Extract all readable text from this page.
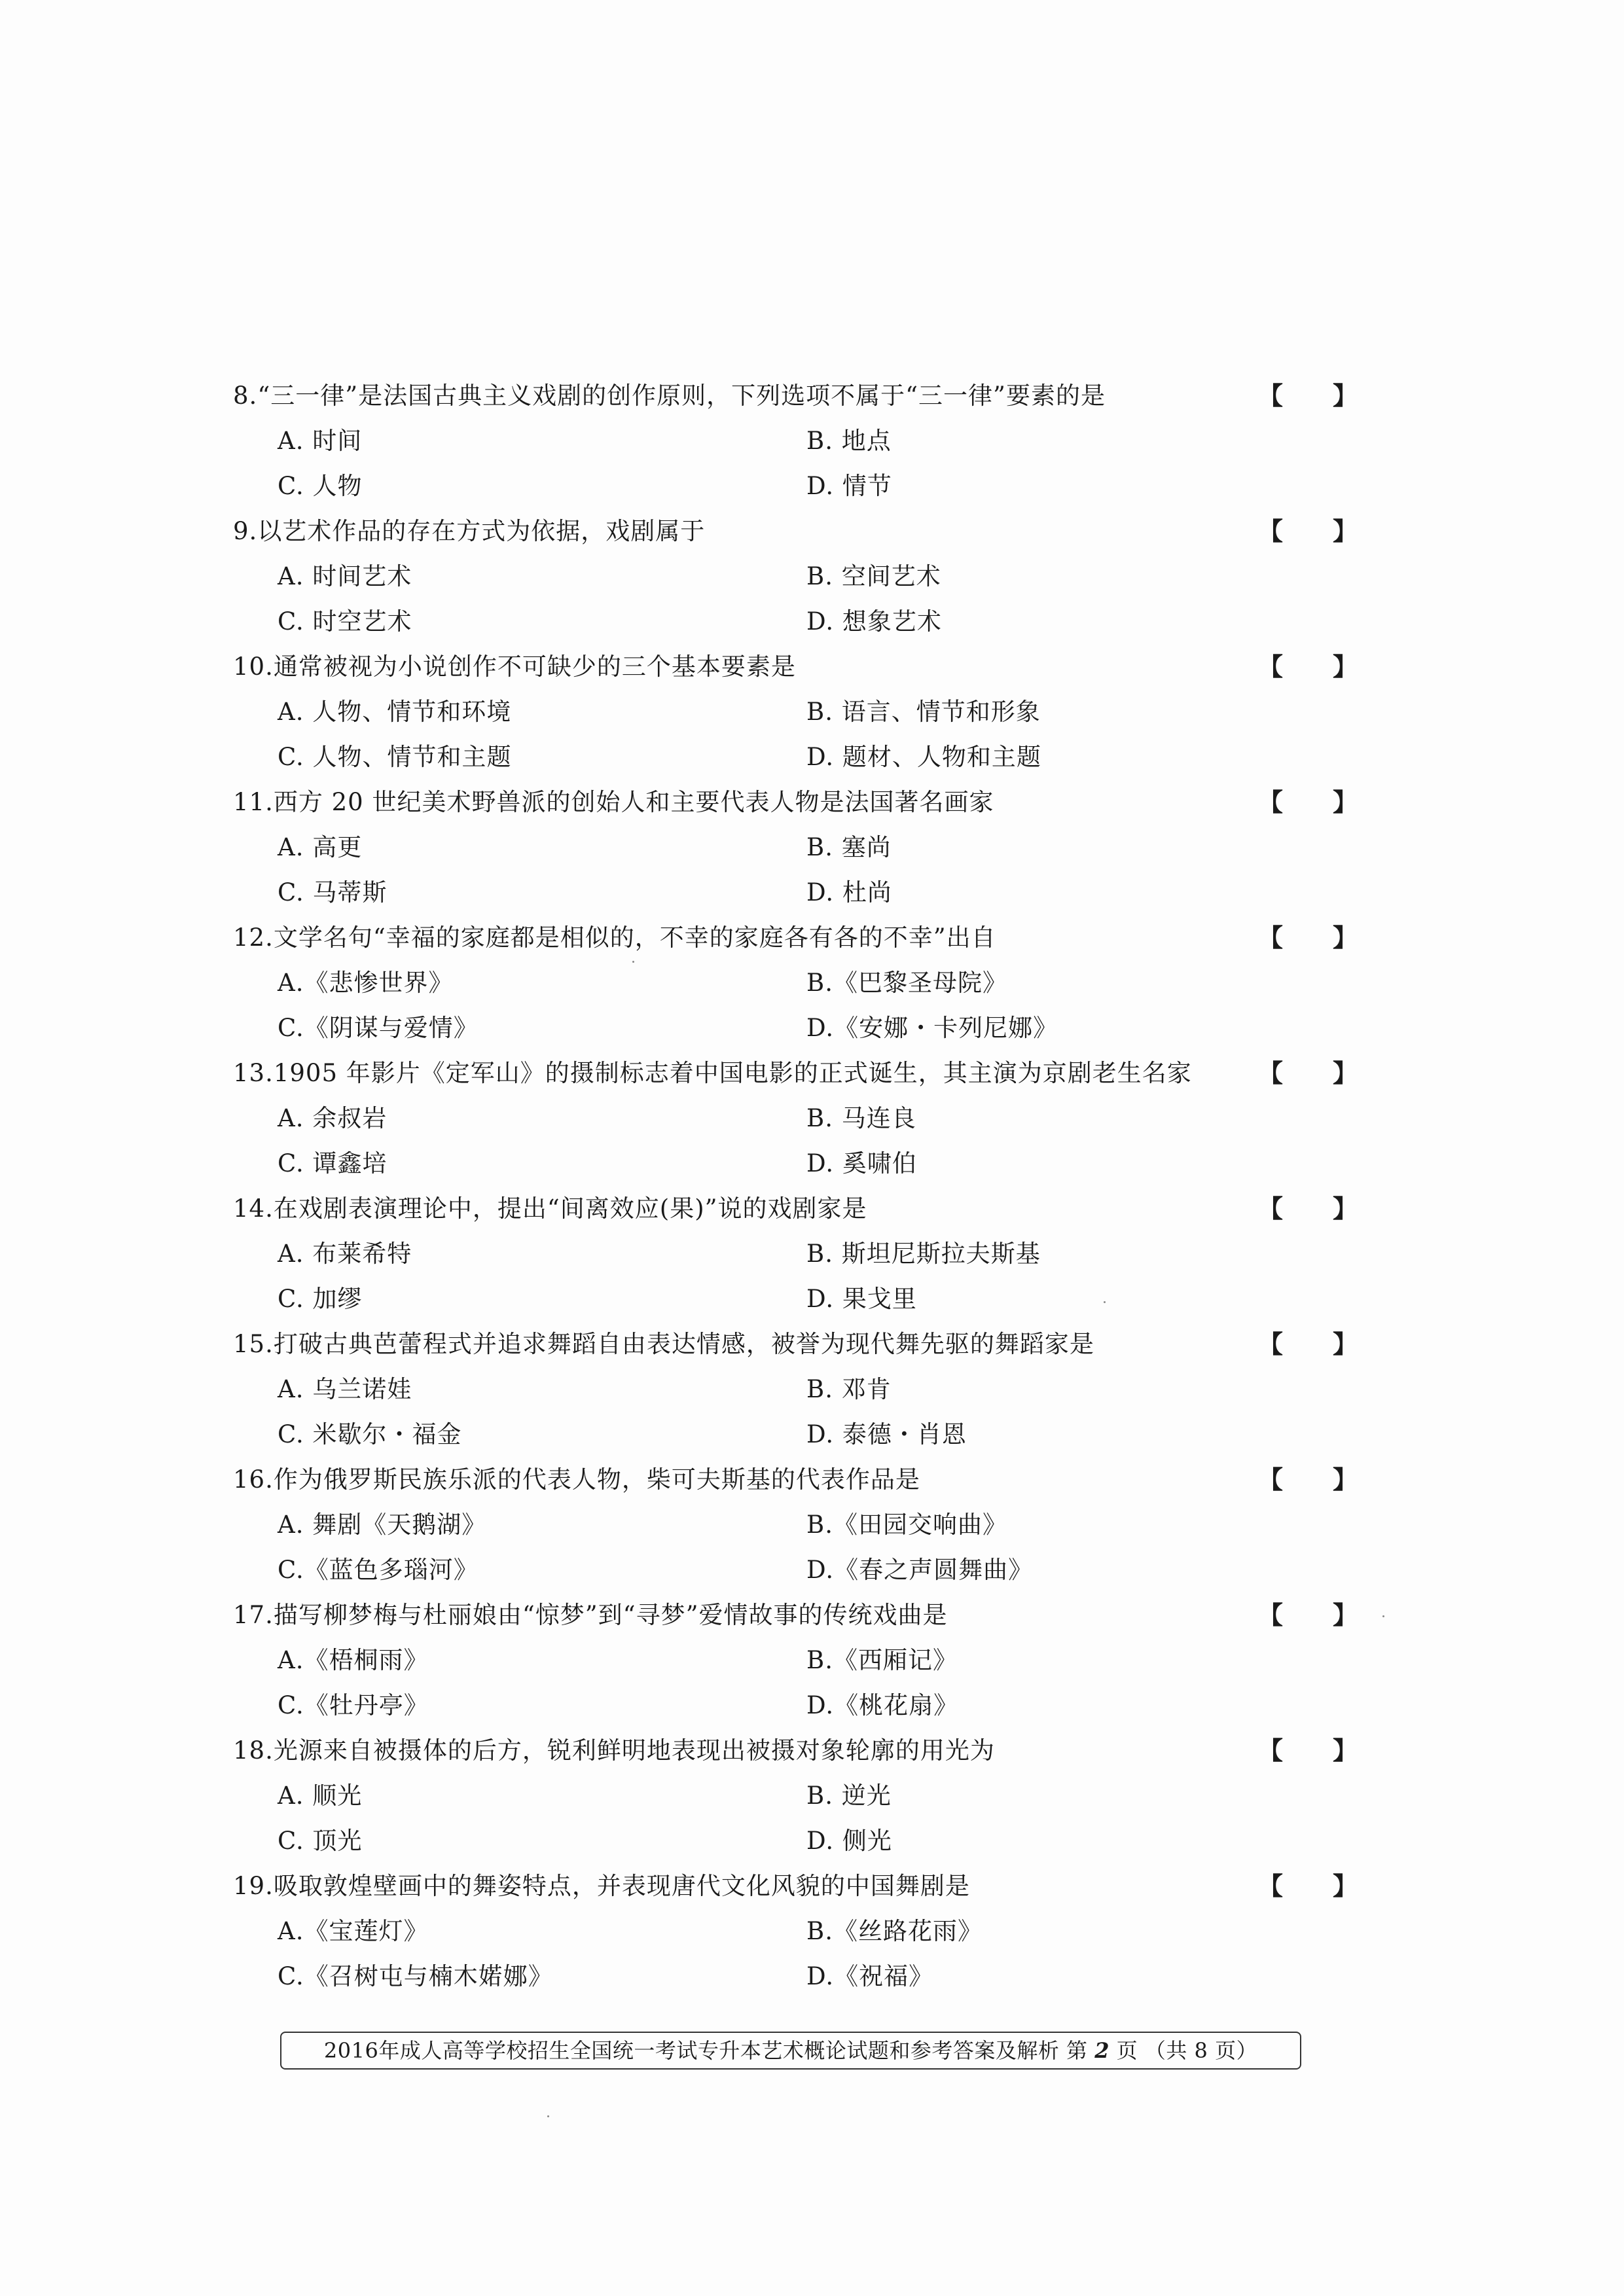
8.“三一律”是法国古典主义戏剧的创作原则，下列选项不属于“三一律”要素的是	【 】
A. 时间	B. 地点
C. 人物	D. 情节
9.以艺术作品的存在方式为依据，戏剧属于	【 】
A. 时间艺术	B. 空间艺术
C. 时空艺术	D. 想象艺术
10.通常被视为小说创作不可缺少的三个基本要素是	【 】
A. 人物、情节和环境	B. 语言、情节和形象
C. 人物、情节和主题	D. 题材、人物和主题
11.西方 20 世纪美术野兽派的创始人和主要代表人物是法国著名画家	【 】
A. 高更	B. 塞尚
C. 马蒂斯	D. 杜尚
12.文学名句“幸福的家庭都是相似的，不幸的家庭各有各的不幸”出自	【 】
A.《悲惨世界》	B.《巴黎圣母院》
C.《阴谋与爱情》	D.《安娜・卡列尼娜》
13.1905 年影片《定军山》的摄制标志着中国电影的正式诞生，其主演为京剧老生名家	【 】
A. 余叔岩	B. 马连良
C. 谭鑫培	D. 奚啸伯
14.在戏剧表演理论中，提出“间离效应(果)”说的戏剧家是	【 】
A. 布莱希特	B. 斯坦尼斯拉夫斯基
C. 加缪	D. 果戈里
15.打破古典芭蕾程式并追求舞蹈自由表达情感，被誉为现代舞先驱的舞蹈家是	【 】
A. 乌兰诺娃	B. 邓肯
C. 米歇尔・福金	D. 泰德・肖恩
16.作为俄罗斯民族乐派的代表人物，柴可夫斯基的代表作品是	【 】
A. 舞剧《天鹅湖》	B.《田园交响曲》
C.《蓝色多瑙河》	D.《春之声圆舞曲》
17.描写柳梦梅与杜丽娘由“惊梦”到“寻梦”爱情故事的传统戏曲是	【 】
A.《梧桐雨》	B.《西厢记》
C.《牡丹亭》	D.《桃花扇》
18.光源来自被摄体的后方，锐利鲜明地表现出被摄对象轮廓的用光为	【 】
A. 顺光	B. 逆光
C. 顶光	D. 侧光
19.吸取敦煌壁画中的舞姿特点，并表现唐代文化风貌的中国舞剧是	【 】
A.《宝莲灯》	B.《丝路花雨》
C.《召树屯与楠木婼娜》	D.《祝福》
2016年成人高等学校招生全国统一考试专升本艺术概论试题和参考答案及解析 第 2 页 （共 8 页）
